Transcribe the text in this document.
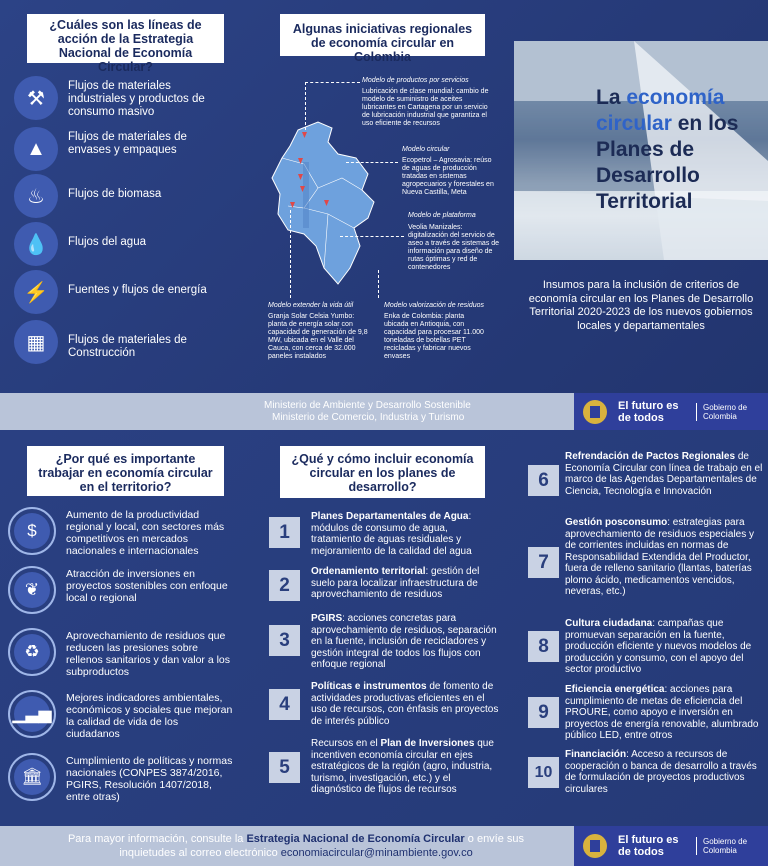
¿Cuáles son las líneas de acción de la Estrategia Nacional de Economía Circular?
⚒
Flujos de materiales industriales y productos de consumo masivo
▲
Flujos de materiales de envases y empaques
♨	Flujos de biomasa
💧	Flujos del agua
⚡	Fuentes y flujos de energía
▦	Flujos de materiales de Construcción
Algunas iniciativas regionales de economía circular en Colombia
Modelo de productos por servicios
Lubricación de clase mundial: cambio de modelo de suministro de aceites lubricantes en Cartagena por un servicio de lubricación industrial que garantiza el uso eficiente de recursos
Modelo circular
Ecopetrol – Agrosavia: reúso de aguas de producción tratadas en sistemas agropecuarios y forestales en Nueva Castilla, Meta
Modelo de plataforma
Veolia Manizales: digitalización del servicio de aseo a través de sistemas de información para diseño de rutas óptimas y red de contenedores
Modelo extender la vida útil
Granja Solar Celsia Yumbo: planta de energía solar con capacidad de generación de 9,8 MW, ubicada en el Valle del Cauca, con cerca de 32.000 paneles instalados
Modelo valorización de residuos
Enka de Colombia: planta ubicada en Antioquia, con capacidad para procesar 11.000 toneladas de botellas PET recicladas y fabricar nuevos envases
La economía circular en los Planes de Desarrollo Territorial
Insumos para la inclusión de criterios de economía circular en los Planes de Desarrollo Territorial 2020-2023 de los nuevos gobiernos locales y departamentales
Ministerio de Ambiente y Desarrollo Sostenible
Ministerio de Comercio, Industria y Turismo
El futuro es de todos
Gobierno de Colombia
¿Por qué es importante trabajar en economía circular en el territorio?
$
Aumento de la productividad regional y local, con sectores más competitivos en mercados nacionales e internacionales
❦
Atracción de inversiones en proyectos sostenibles con enfoque local o regional
♻
Aprovechamiento de residuos que reducen las presiones sobre rellenos sanitarios y dan valor a los subproductos
▁▃▅
Mejores indicadores ambientales, económicos y sociales que mejoran la calidad de vida de los ciudadanos
🏛
Cumplimiento de políticas y normas nacionales (CONPES 3874/2016, PGIRS, Resolución 1407/2018, entre otras)
¿Qué y cómo incluir economía circular en los planes de desarrollo?
1
Planes Departamentales de Agua: módulos de consumo de agua, tratamiento de aguas residuales y mejoramiento de la calidad del agua
2
Ordenamiento territorial: gestión del suelo para localizar infraestructura de aprovechamiento de residuos
3
PGIRS: acciones concretas para aprovechamiento de residuos, separación en la fuente, inclusión de recicladores y gestión integral de todos los flujos con enfoque regional
4
Políticas e instrumentos de fomento de actividades productivas eficientes en el uso de recursos, con énfasis en proyectos de interés público
5
Recursos en el Plan de Inversiones que incentiven economía circular en ejes estratégicos de la región (agro, industria, turismo, investigación, etc.) y el diagnóstico de flujos de recursos
6
Refrendación de Pactos Regionales de Economía Circular con línea de trabajo en el marco de las Agendas Departamentales de Ciencia, Tecnología e Innovación
7
Gestión posconsumo: estrategias para aprovechamiento de residuos especiales y de corrientes incluidas en normas de Responsabilidad Extendida del Productor, fuera de relleno sanitario (llantas, baterías plomo ácido, medicamentos vencidos, neveras, etc.)
8
Cultura ciudadana: campañas que promuevan separación en la fuente, producción eficiente y nuevos modelos de producción y consumo, con el apoyo del sector productivo
9
Eficiencia energética: acciones para cumplimiento de metas de eficiencia del PROURE, como apoyo e inversión en proyectos de energía renovable, alumbrado público LED, entre otros
10
Financiación: Acceso a recursos de cooperación o banca de desarrollo a través de formulación de proyectos productivos circulares
Para mayor información, consulte la Estrategia Nacional de Economía Circular o envíe sus
inquietudes al correo electrónico economiacircular@minambiente.gov.co
El futuro es de todos
Gobierno de Colombia
